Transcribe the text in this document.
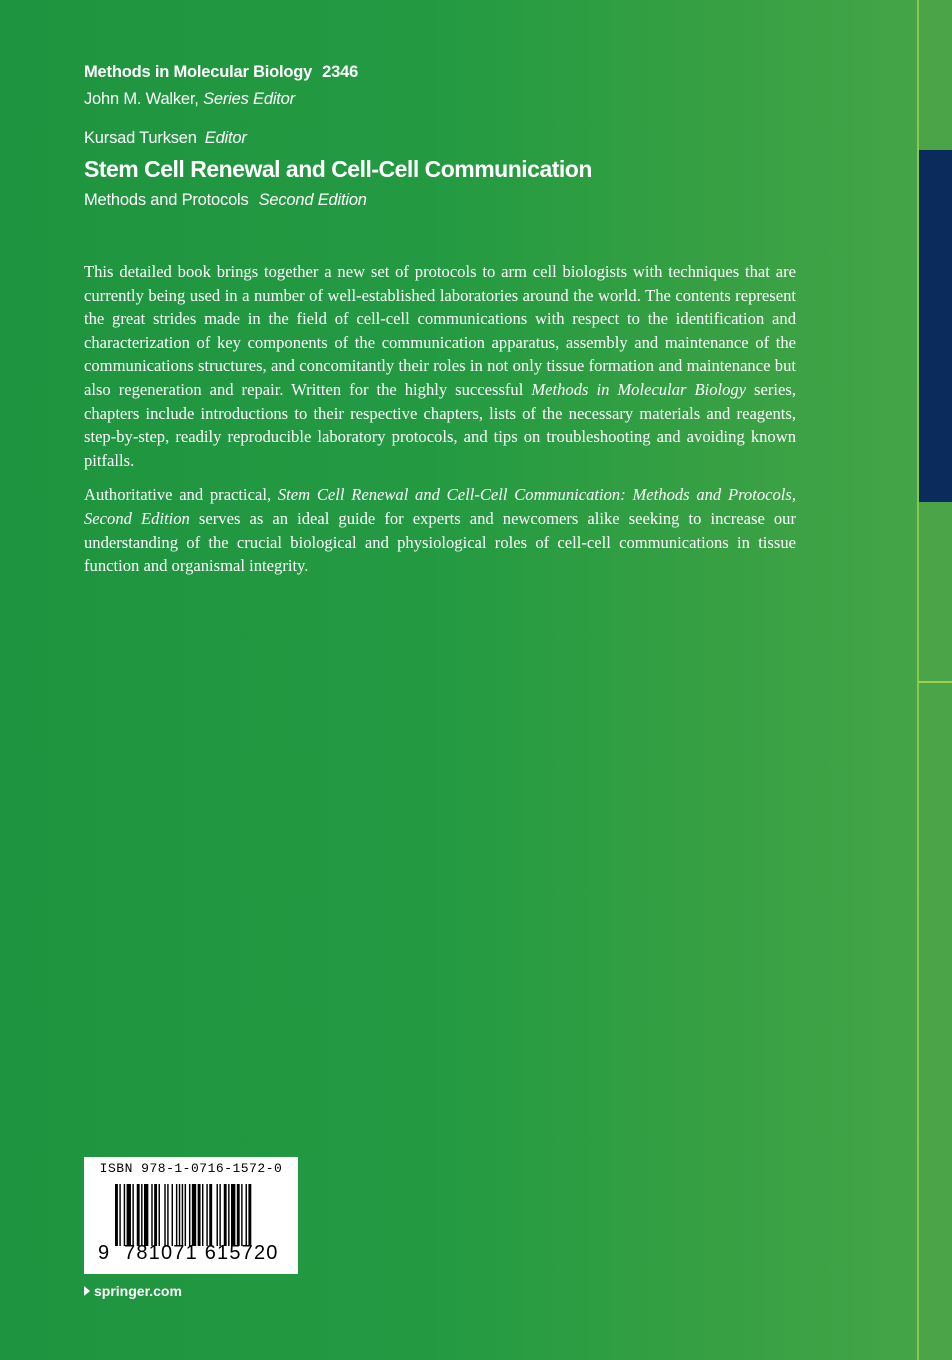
Methods in Molecular Biology 2346
John M. Walker, Series Editor
Kursad Turksen Editor
Stem Cell Renewal and Cell-Cell Communication
Methods and Protocols Second Edition

This detailed book brings together a new set of protocols to arm cell biologists with techniques that are currently being used in a number of well-established laboratories around the world. The contents represent the great strides made in the field of cell-cell communications with respect to the identification and characterization of key components of the communication apparatus, assembly and maintenance of the communications structures, and concomitantly their roles in not only tissue formation and maintenance but also regeneration and repair. Written for the highly successful Methods in Molecular Biology series, chapters include introductions to their respective chapters, lists of the necessary materials and reagents, step-by-step, readily reproducible laboratory protocols, and tips on troubleshooting and avoiding known pitfalls.

Authoritative and practical, Stem Cell Renewal and Cell-Cell Communication: Methods and Protocols, Second Edition serves as an ideal guide for experts and newcomers alike seeking to increase our understanding of the crucial biological and physiological roles of cell-cell communications in tissue function and organismal integrity.

ISBN 978-1-0716-1572-0
9 781071 615720
springer.com
